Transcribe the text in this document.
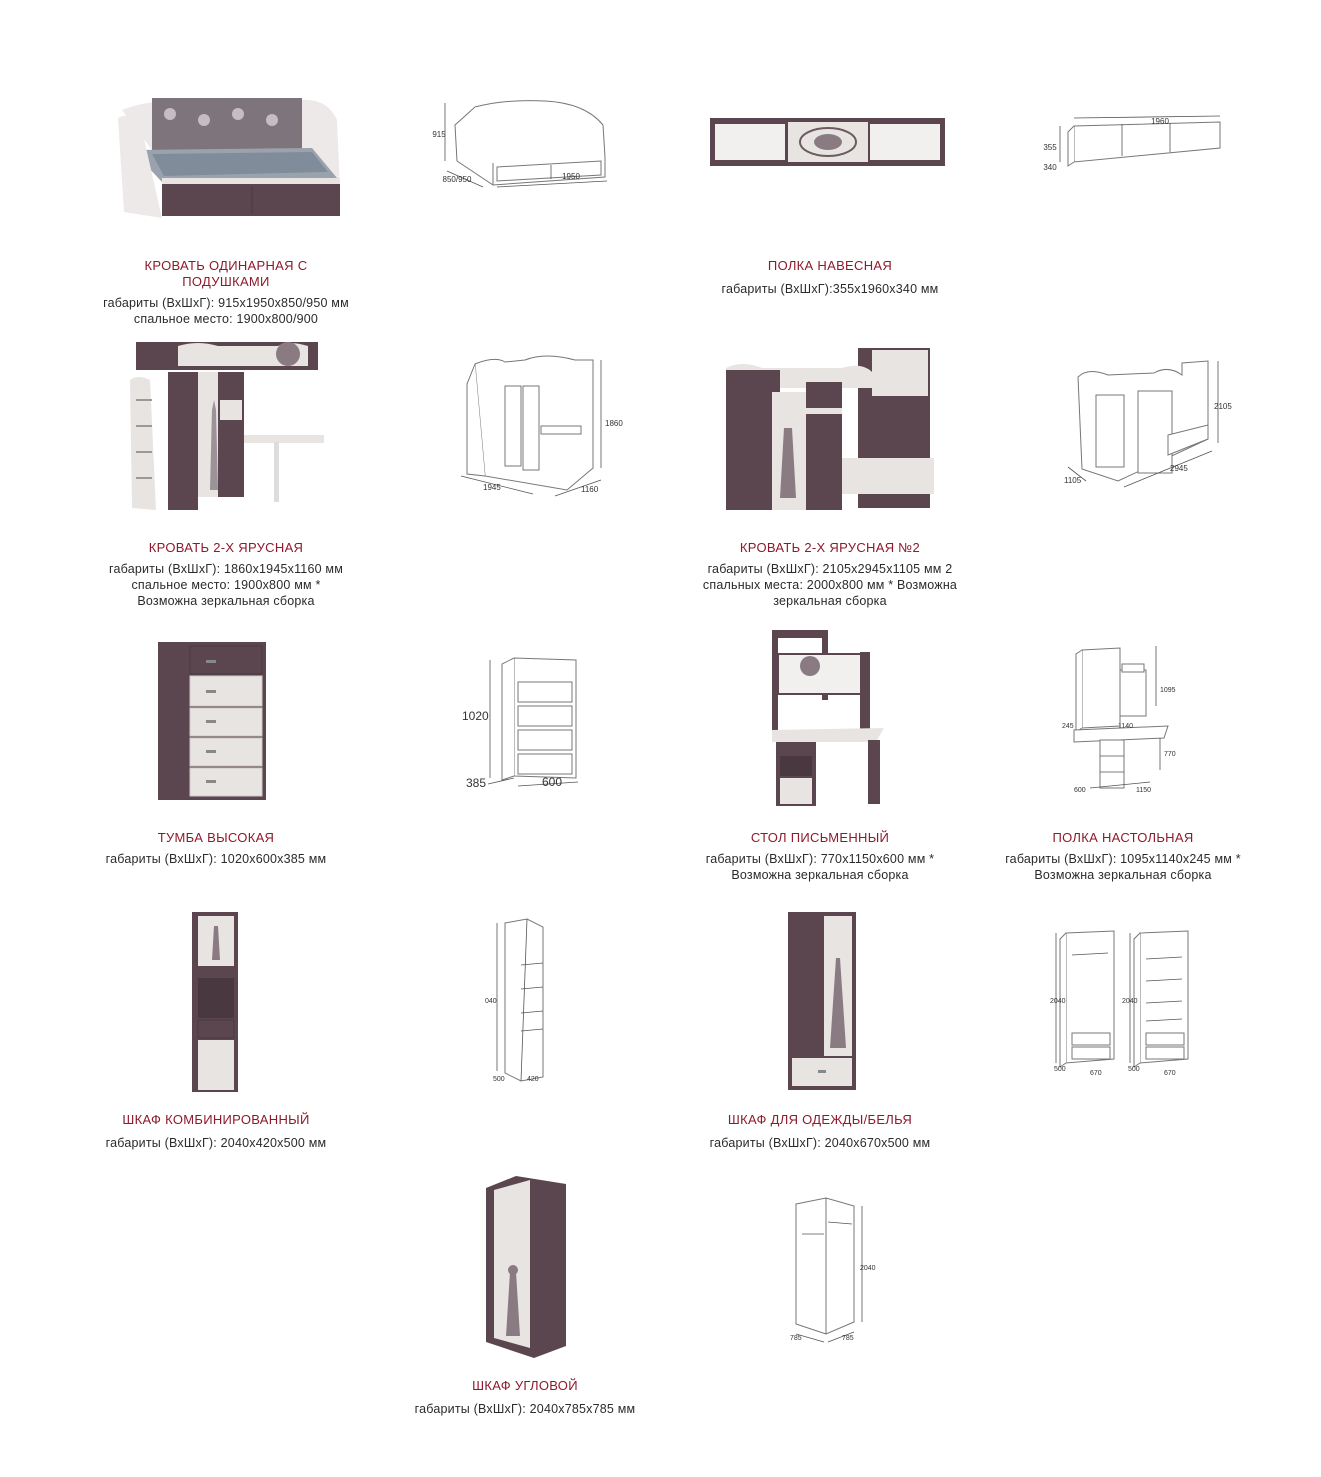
915
850/950	1950
КРОВАТЬ ОДИНАРНАЯ С ПОДУШКАМИ
габариты (ВхШхГ): 915х1950х850/950 мм спальное место: 1900х800/900
1960
355
340
ПОЛКА НАВЕСНАЯ
габариты (ВхШхГ):355х1960х340 мм
1860
1945	1160
КРОВАТЬ 2-Х ЯРУСНАЯ
габариты (ВхШхГ): 1860х1945х1160 мм спальное место: 1900х800 мм * Возможна зеркальная сборка
2105
1105
2945
КРОВАТЬ 2-Х ЯРУСНАЯ №2
габариты (ВхШхГ): 2105х2945х1105 мм 2 спальных места: 2000х800 мм * Возможна зеркальная сборка
1020
385	600
ТУМБА ВЫСОКАЯ
габариты (ВхШхГ): 1020х600х385 мм
СТОЛ ПИСЬМЕННЫЙ
габариты (ВхШхГ): 770х1150х600 мм * Возможна зеркальная сборка
1095
245	1140
770
600	1150
ПОЛКА НАСТОЛЬНАЯ
габариты (ВхШхГ): 1095х1140х245 мм * Возможна зеркальная сборка
040
500	420
ШКАФ КОМБИНИРОВАННЫЙ
габариты (ВхШхГ): 2040х420х500 мм
2040
500
670
2040
500
670
ШКАФ ДЛЯ ОДЕЖДЫ/БЕЛЬЯ
габариты (ВхШхГ): 2040х670х500 мм
2040
785	785
ШКАФ УГЛОВОЙ
габариты (ВхШхГ): 2040х785х785 мм
